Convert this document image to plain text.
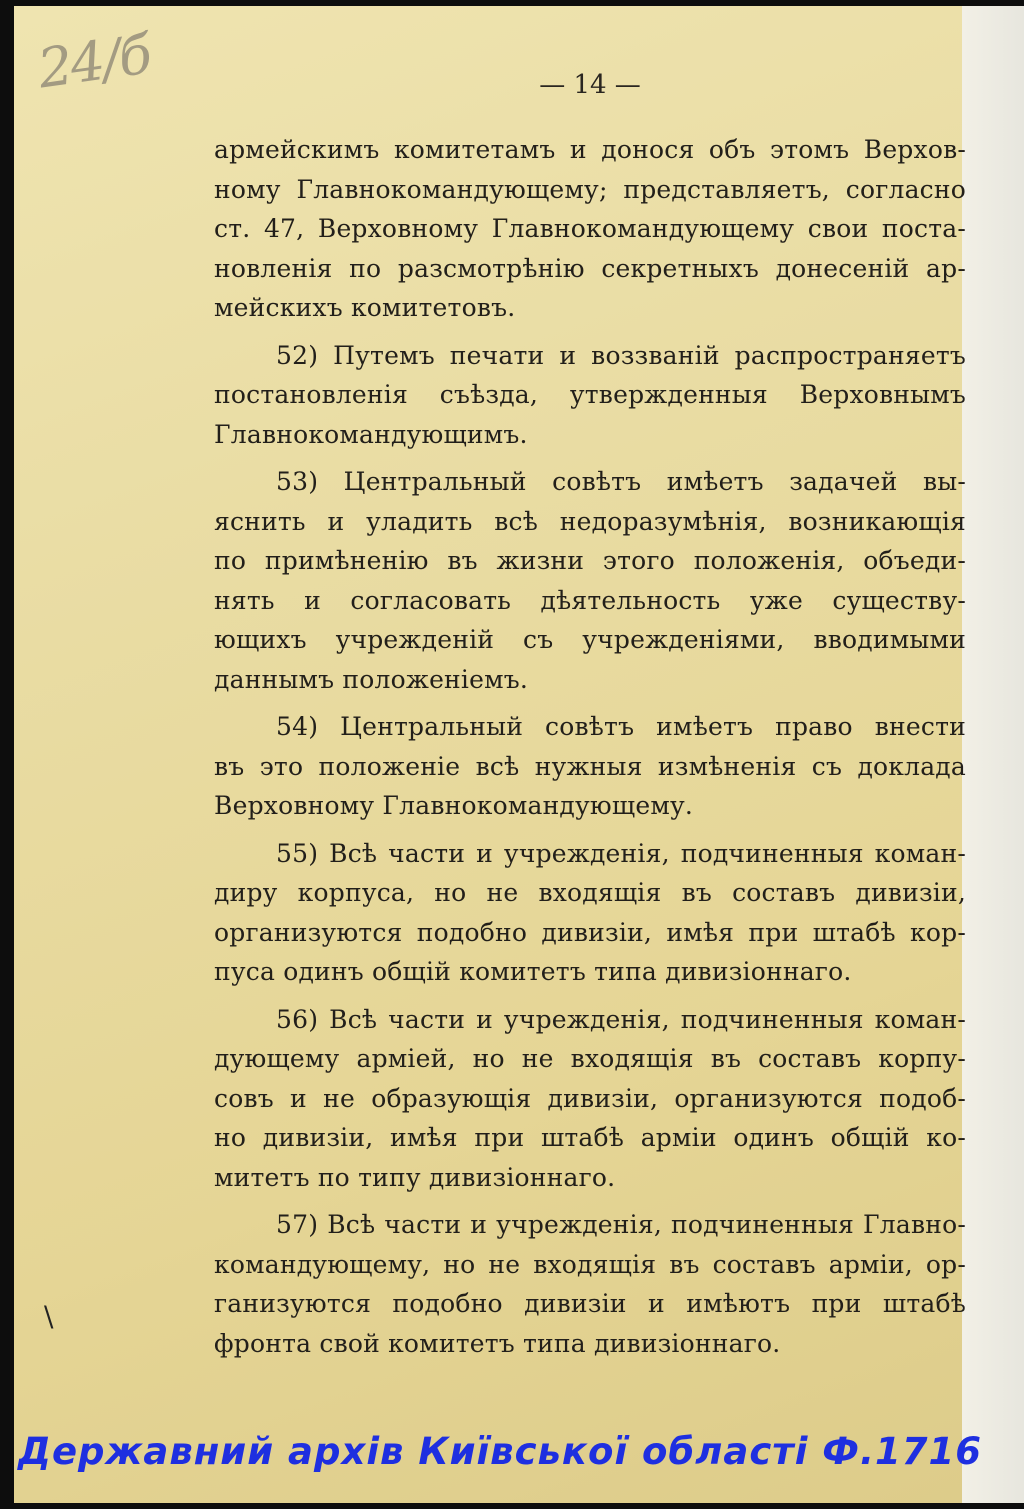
24/б	— 14 —

армейскимъ комитетамъ и донося объ этомъ Верхов-
ному Главнокомандующему; представляетъ, согласно
ст. 47, Верховному Главнокомандующему свои поста-
новленія по разсмотрѣнію секретныхъ донесеній ар-
мейскихъ комитетовъ.

52) Путемъ печати и воззваній распространяетъ
постановленія съѣзда, утвержденныя Верховнымъ
Главнокомандующимъ.

53) Центральный совѣтъ имѣетъ задачей вы-
яснить и уладить всѣ недоразумѣнія, возникающія
по примѣненію въ жизни этого положенія, объеди-
нять и согласовать дѣятельность уже существу-
ющихъ учрежденій съ учрежденіями, вводимыми
даннымъ положеніемъ.

54) Центральный совѣтъ имѣетъ право внести
въ это положеніе всѣ нужныя измѣненія съ доклада
Верховному Главнокомандующему.

55) Всѣ части и учрежденія, подчиненныя коман-
диру корпуса, но не входящія въ составъ дивизіи,
организуются подобно дивизіи, имѣя при штабѣ кор-
пуса одинъ общій комитетъ типа дивизіоннаго.

56) Всѣ части и учрежденія, подчиненныя коман-
дующему арміей, но не входящія въ составъ корпу-
совъ и не образующія дивизіи, организуются подоб-
но дивизіи, имѣя при штабѣ арміи одинъ общій ко-
митетъ по типу дивизіоннаго.

57) Всѣ части и учрежденія, подчиненныя Главно-
командующему, но не входящія въ составъ арміи, ор-
ганизуются подобно дивизіи и имѣютъ при штабѣ
фронта свой комитетъ типа дивизіоннаго.

\
Державний архів Київської області Ф.1716
